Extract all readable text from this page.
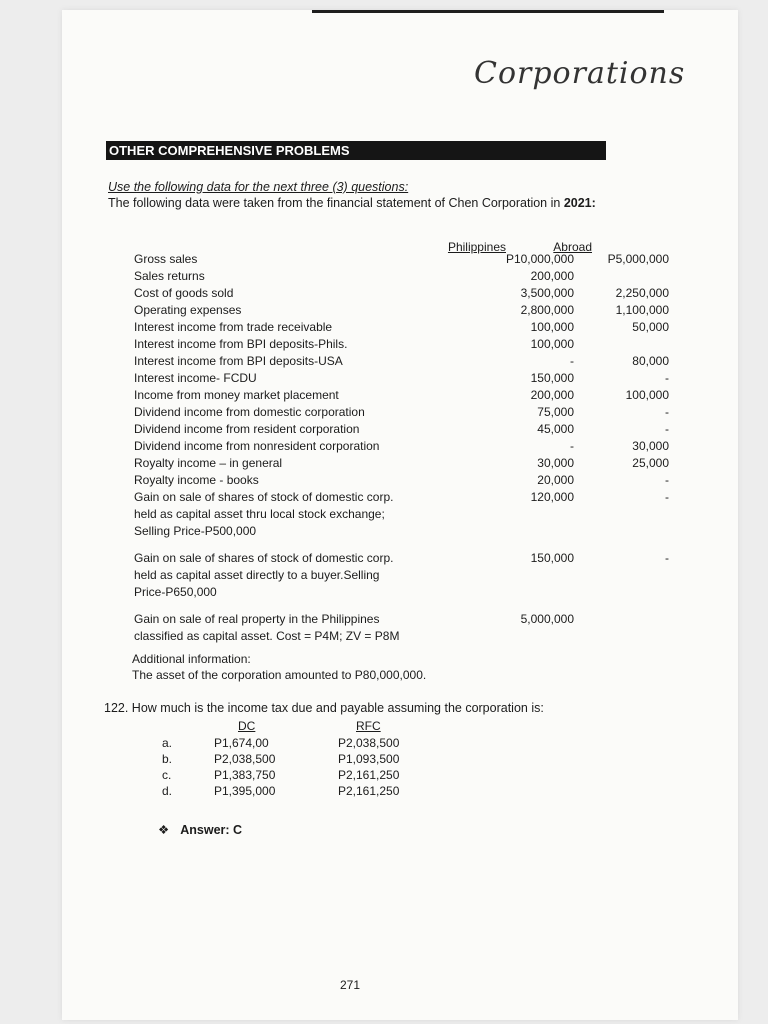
Corporations
OTHER COMPREHENSIVE PROBLEMS
Use the following data for the next three (3) questions:
The following data were taken from the financial statement of Chen Corporation in 2021:
Philippines	Abroad
Gross sales	P10,000,000	P5,000,000
Sales returns	200,000
Cost of goods sold	3,500,000	2,250,000
Operating expenses	2,800,000	1,100,000
Interest income from trade receivable	100,000	50,000
Interest income from BPI deposits-Phils.	100,000
Interest income from BPI deposits-USA	-	80,000
Interest income- FCDU	150,000	-
Income from money market placement	200,000	100,000
Dividend income from domestic corporation	75,000	-
Dividend income from resident corporation	45,000	-
Dividend income from nonresident corporation	-	30,000
Royalty income – in general	30,000	25,000
Royalty income - books	20,000	-
Gain on sale of shares of stock of domestic corp.	120,000	-
held as capital asset thru local stock exchange;
Selling Price-P500,000
Gain on sale of shares of stock of domestic corp.	150,000	-
held as capital asset directly to a buyer.Selling
Price-P650,000
Gain on sale of real property in the Philippines	5,000,000
classified as capital asset. Cost = P4M; ZV = P8M
Additional information:
The asset of the corporation amounted to P80,000,000.
122. How much is the income tax due and payable assuming the corporation is:
DC	RFC
a.	P1,674,00	P2,038,500
b.	P2,038,500	P1,093,500
c.	P1,383,750	P2,161,250
d.	P1,395,000	P2,161,250
❖ Answer: C
271
